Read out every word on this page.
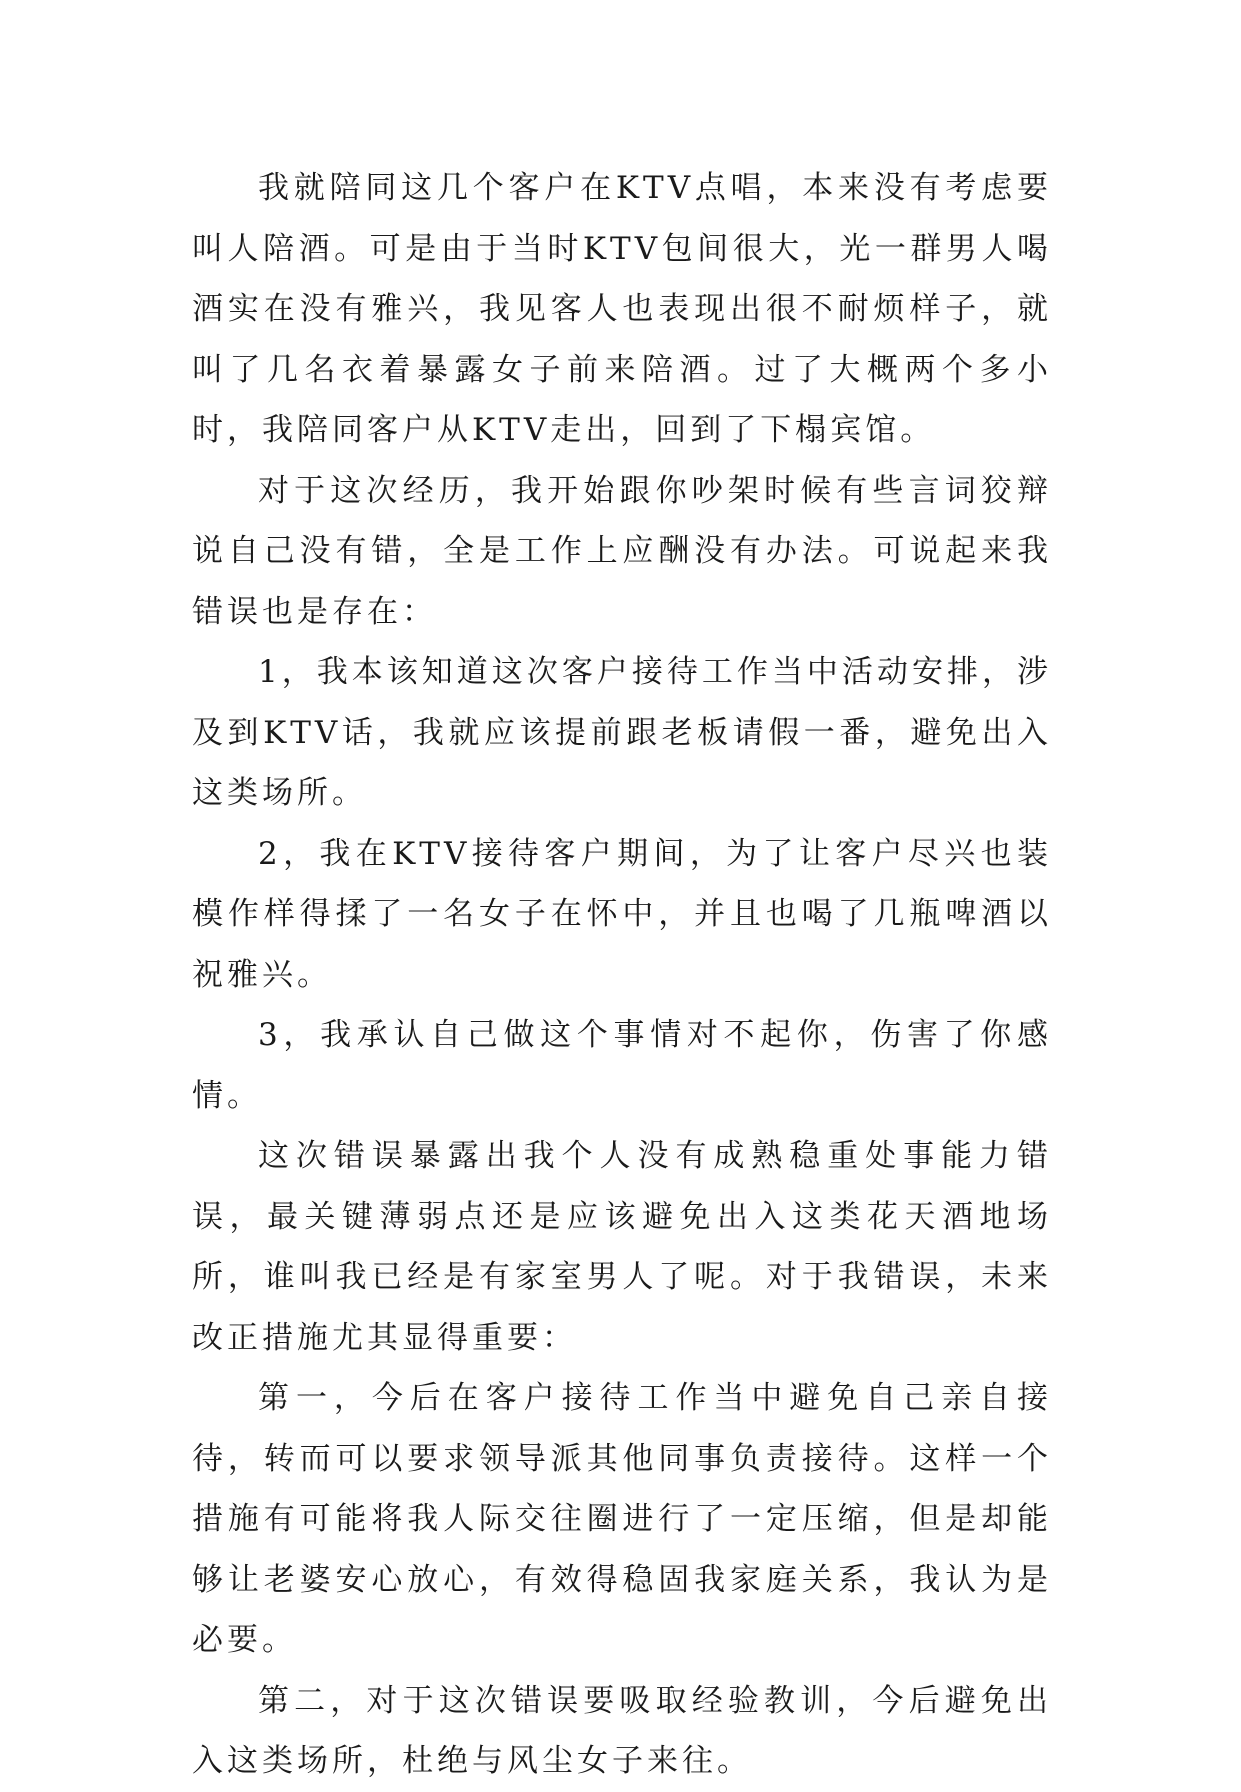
我就陪同这几个客户在KTV点唱，本来没有考虑要叫人陪酒。可是由于当时KTV包间很大，光一群男人喝酒实在没有雅兴，我见客人也表现出很不耐烦样子，就叫了几名衣着暴露女子前来陪酒。过了大概两个多小时，我陪同客户从KTV走出，回到了下榻宾馆。

对于这次经历，我开始跟你吵架时候有些言词狡辩说自己没有错，全是工作上应酬没有办法。可说起来我错误也是存在：

1，我本该知道这次客户接待工作当中活动安排，涉及到KTV话，我就应该提前跟老板请假一番，避免出入这类场所。

2，我在KTV接待客户期间，为了让客户尽兴也装模作样得揉了一名女子在怀中，并且也喝了几瓶啤酒以祝雅兴。

3，我承认自己做这个事情对不起你，伤害了你感情。

这次错误暴露出我个人没有成熟稳重处事能力错误，最关键薄弱点还是应该避免出入这类花天酒地场所，谁叫我已经是有家室男人了呢。对于我错误，未来改正措施尤其显得重要：

第一，今后在客户接待工作当中避免自己亲自接待，转而可以要求领导派其他同事负责接待。这样一个措施有可能将我人际交往圈进行了一定压缩，但是却能够让老婆安心放心，有效得稳固我家庭关系，我认为是必要。

第二，对于这次错误要吸取经验教训，今后避免出入这类场所，杜绝与风尘女子来往。
